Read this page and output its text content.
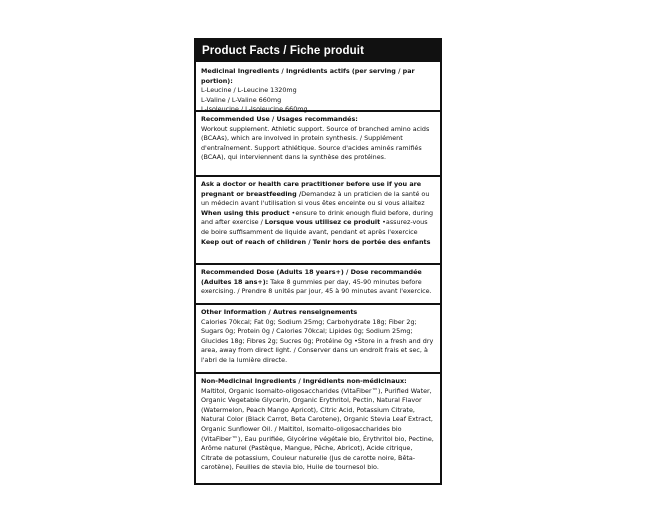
Product Facts / Fiche produit
Medicinal Ingredients / Ingrédients actifs (per serving / par portion):
L-Leucine / L-Leucine 1320mg
L-Valine / L-Valine 660mg
L-Isoleucine / L-Isoleucine 660mg
Recommended Use / Usages recommandés:
Workout supplement. Athletic support. Source of branched amino acids (BCAAs), which are involved in protein synthesis. / Supplément d'entraînement. Support athlétique. Source d'acides aminés ramifiés (BCAA), qui interviennent dans la synthèse des protéines.
Ask a doctor or health care practitioner before use if you are pregnant or breastfeeding /Demandez à un praticien de la santé ou un médecin avant l'utilisation si vous êtes enceinte ou si vous allaitez
When using this product •ensure to drink enough fluid before, during and after exercise / Lorsque vous utilisez ce produit •assurez-vous de boire suffisamment de liquide avant, pendant et après l'exercice
Keep out of reach of children / Tenir hors de portée des enfants
Recommended Dose (Adults 18 years+) / Dose recommandée (Adultes 18 ans+): Take 8 gummies per day, 45-90 minutes before exercising. / Prendre 8 unités par jour, 45 à 90 minutes avant l'exercice.
Other Information / Autres renseignements
Calories 70kcal; Fat 0g; Sodium 25mg; Carbohydrate 18g; Fiber 2g; Sugars 0g; Protein 0g / Calories 70kcal; Lipides 0g; Sodium 25mg; Glucides 18g; Fibres 2g; Sucres 0g; Protéine 0g •Store in a fresh and dry area, away from direct light. / Conserver dans un endroit frais et sec, à l'abri de la lumière directe.
Non-Medicinal Ingredients / Ingrédients non-médicinaux:
Maltitol, Organic Isomalto-oligosaccharides (VitaFiber™), Purified Water, Organic Vegetable Glycerin, Organic Erythritol, Pectin, Natural Flavor (Watermelon, Peach Mango Apricot), Citric Acid, Potassium Citrate, Natural Color (Black Carrot, Beta Carotene), Organic Stevia Leaf Extract, Organic Sunflower Oil. / Maltitol, Isomalto-oligosaccharides bio (VitaFiber™), Eau purifiée, Glycérine végétale bio, Érythritol bio, Pectine, Arôme naturel (Pastèque, Mangue, Pêche, Abricot), Acide citrique, Citrate de potassium, Couleur naturelle (Jus de carotte noire, Bêta-carotène), Feuilles de stevia bio, Huile de tournesol bio.
